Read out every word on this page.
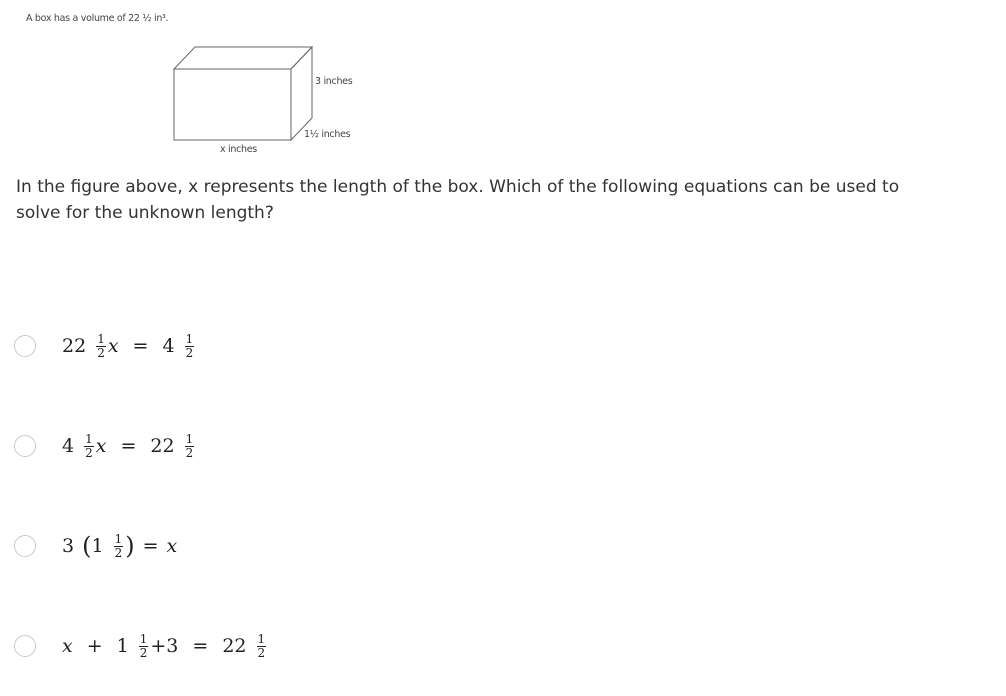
A box has a volume of 22 ½ in³.
3 inches
1½ inches
x inches

In the figure above, x represents the length of the box. Which of the following equations can be used to solve for the unknown length?

$22 \frac{1}{2}$ $x = 4 \frac{1}{2}$
$4 \frac{1}{2}$ $x = 22 \frac{1}{2}$
3 ( $1 \frac{1}{2}$ ) = x
$x + 1 \frac{1}{2} + 3 = 22 \frac{1}{2}$
